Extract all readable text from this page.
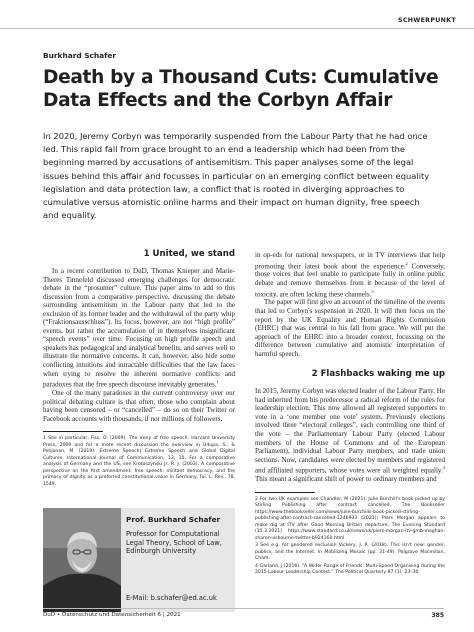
SCHWERPUNKT
Burkhard Schafer
Death by a Thousand Cuts: Cumulative Data Effects and the Corbyn Affair

In 2020, Jeremy Corbyn was temporarily suspended from the Labour Party that he had once led. This rapid fall from grace brought to an end a leadership which had been from the beginning marred by accusations of antisemitism. This paper analyses some of the legal issues behind this affair and focusses in particular on an emerging conflict between equality legislation and data protection law, a conflict that is rooted in diverging approaches to cumulative versus atomistic online harms and their impact on human dignity, free speech and equality.

1 United, we stand

In a recent contribution to DuD, Thomas Knieper and Marie-Theres Tinnefeld discussed emerging challenges for democratic debate in the “prosumer” culture. This paper aims to add to this discussion from a comparative perspective, discussing the debate surrounding antisemitism in the Labour party that led to the exclusion of its former leader and the withdrawal of the party whip (“Fraktionsausschluss”). Its focus, however, are not “high profile” events, but rather the accumulation of in themselves insignificant “speech events” over time. Focusing on high profile speech and speakers has pedagogical and analytical benefits, and serves well to illustrate the normative concerns. It can, however, also hide some conflicting intuitions and intractable difficulties that the law faces when trying to resolve the inherent normative conflicts and paradoxes that the free speech discourse inevitably generates.$^1$

One of the many paradoxes in the current controversy over our political debating culture is that often, those who complain about having been censored – or “cancelled” – do so on their Twitter or Facebook accounts with thousands, if not millions of followers,

1 See in particular, Fiss, O. (2009). The irony of free speech. Harvard University Press, 2009 and for a more recent discussion the overview in Udupa, S., & Pohjonen, M. (2019). Extreme Speech| Extreme Speech and Global Digital Cultures. International Journal of Communication, 13, 10. For a comparative analysis of Germany and the US, see Krotoszynski Jr, R. J. (2003). A comparative perspective on the first amendment: free speech, militant democracy, and the primacy of dignity as a preferred constitutional value in Germany. Tul. L. Rev., 78, 1549.

Prof. Burkhard Schafer

Professor for Computational Legal Theory, School of Law, Edinburgh University

E-Mail: b.schafer@ed.ac.uk

in op-eds for national newspapers, or in TV interviews that help promoting their latest book about the experience.$^2$ Conversely, those voices that feel unable to participate fully in online public debate and remove themselves from it because of the level of toxicity, are often lacking these channels.$^3$

The paper will first give an account of the timeline of the events that led to Corbyn's suspension in 2020. It will then focus on the report by the UK Equality and Human Rights Commission (EHRC) that was central to his fall from grace. We will put the approach of the EHRC into a broader context, focussing on the difference between cumulative and atomistic interpretation of harmful speech.

2 Flashbacks waking me up

In 2015, Jeremy Corbyn was elected leader of the Labour Party. He had inherited from his predecessor a radical reform of the rules for leadership election. This now allowed all registered supporters to vote in a ‘one member one vote’ system. Previously elections involved three “electoral colleges”, each controlling one third of the vote – the Parliamentary Labour Party (elected Labour members of the House of Commons and of the European Parliament), individual Labour Party members, and trade union sections. Now, candidates were elected by members and registered and affiliated supporters, whose votes were all weighted equally.$^4$ This meant a significant shift of power to ordinary members and

2 For two UK examples see Chandler, M (2021). Julie Burchill's book picked up by Stirling Publishing after contract cancelled, The Bookseller https://www.thebookseller.com/news/julie-burchills-book-picked-stirling-publishing-after-contract-cancelled-1246933 (2021); Piers Morgan appears to make dig at ITV after Good Morning Britain departure, The Evening Standard (15.3.2021) https://www.standard.co.uk/news/uk/piers-morgan-itv-gmb-meghan-sharon-osbourne-twitter-b924160.html

3 See e.g. for gendered exclusion Vickery, J. R. (2018). This isn't new: gender, publics, and the Internet. In Mobilizing Mosaic (pp. 31-49). Palgrave Macmillan, Cham.

4 Garland, J (2016). “A Wider Range of Friends: Multi-Speed Organising during the 2015 Labour Leadership Contest.” The Political Quarterly 87 (1): 23–30.

DuD • Datenschutz und Datensicherheit 6 | 2021	385
